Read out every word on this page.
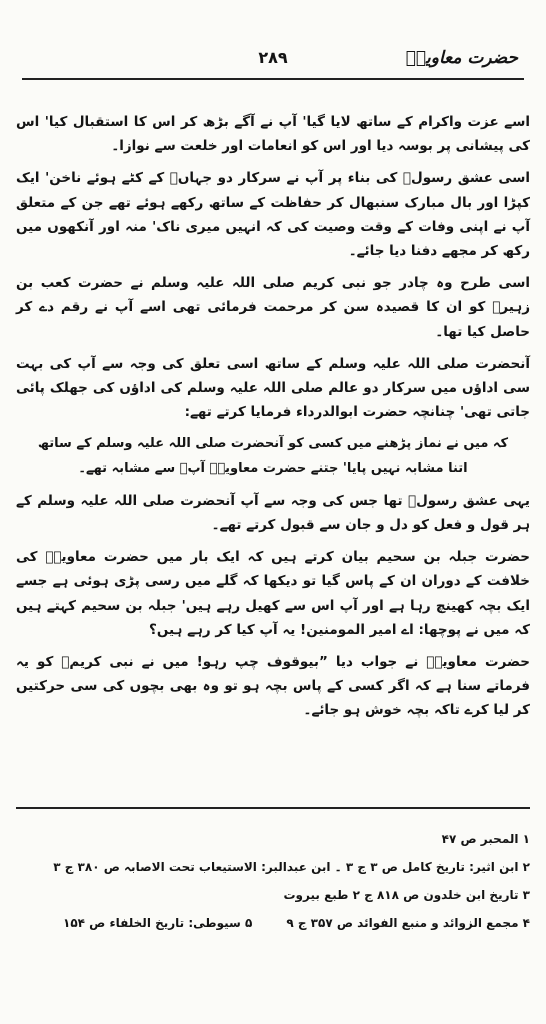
حضرت معاویہؓ
۲۸۹

اسے عزت واکرام کے ساتھ لایا گیا' آپ نے آگے بڑھ کر اس کا استقبال کیا' اس کی پیشانی پر بوسہ دیا اور اس کو انعامات اور خلعت سے نوازا۔

اسی عشق رسولؐ کی بناء پر آپ نے سرکار دو جہاںؐ کے کٹے ہوئے ناخن' ایک کپڑا اور بال مبارک سنبھال کر حفاظت کے ساتھ رکھے ہوئے تھے جن کے متعلق آپ نے اپنی وفات کے وقت وصیت کی کہ انہیں میری ناک' منہ اور آنکھوں میں رکھ کر مجھے دفنا دیا جائے۔

اسی طرح وہ چادر جو نبی کریم صلی اللہ علیہ وسلم نے حضرت کعب بن زہیرؓ کو ان کا قصیدہ سن کر مرحمت فرمائی تھی اسے آپ نے رقم دے کر حاصل کیا تھا۔

آنحضرت صلی اللہ علیہ وسلم کے ساتھ اسی تعلق کی وجہ سے آپ کی بہت سی اداؤں میں سرکار دو عالم صلی اللہ علیہ وسلم کی اداؤں کی جھلک پائی جاتی تھی' چنانچہ حضرت ابوالدرداء فرمایا کرتے تھے:

کہ میں نے نماز پڑھنے میں کسی کو آنحضرت صلی اللہ علیہ وسلم کے ساتھ
اتنا مشابہ نہیں پایا' جتنے حضرت معاویہؓ آپؐ سے مشابہ تھے۔

یہی عشق رسولؐ تھا جس کی وجہ سے آپ آنحضرت صلی اللہ علیہ وسلم کے ہر قول و فعل کو دل و جان سے قبول کرتے تھے۔

حضرت جبلہ بن سحیم بیان کرتے ہیں کہ ایک بار میں حضرت معاویہؓ کی خلافت کے دوران ان کے پاس گیا تو دیکھا کہ گلے میں رسی پڑی ہوئی ہے جسے ایک بچہ کھینچ رہا ہے اور آپ اس سے کھیل رہے ہیں' جبلہ بن سحیم کہتے ہیں کہ میں نے پوچھا: اے امیر المومنین! یہ آپ کیا کر رہے ہیں؟

حضرت معاویہؓ نے جواب دیا ”بیوقوف چپ رہو! میں نے نبی کریمؐ کو یہ فرماتے سنا ہے کہ اگر کسی کے پاس بچہ ہو تو وہ بھی بچوں کی سی حرکتیں کر لیا کرے تاکہ بچہ خوش ہو جائے۔

۱ المحبر ص ۴۷
۲ ابن اثیر: تاریخ کامل ص ۳ ج ۳ ۔ ابن عبدالبر: الاستیعاب تحت الاصابہ ص ۳۸۰ ج ۳
۳ تاریخ ابن خلدون ص ۸۱۸ ج ۲ طبع بیروت
۴ مجمع الزوائد و منبع الفوائد ص ۳۵۷ ج ۹
۵ سیوطی: تاریخ الخلفاء ص ۱۵۴
